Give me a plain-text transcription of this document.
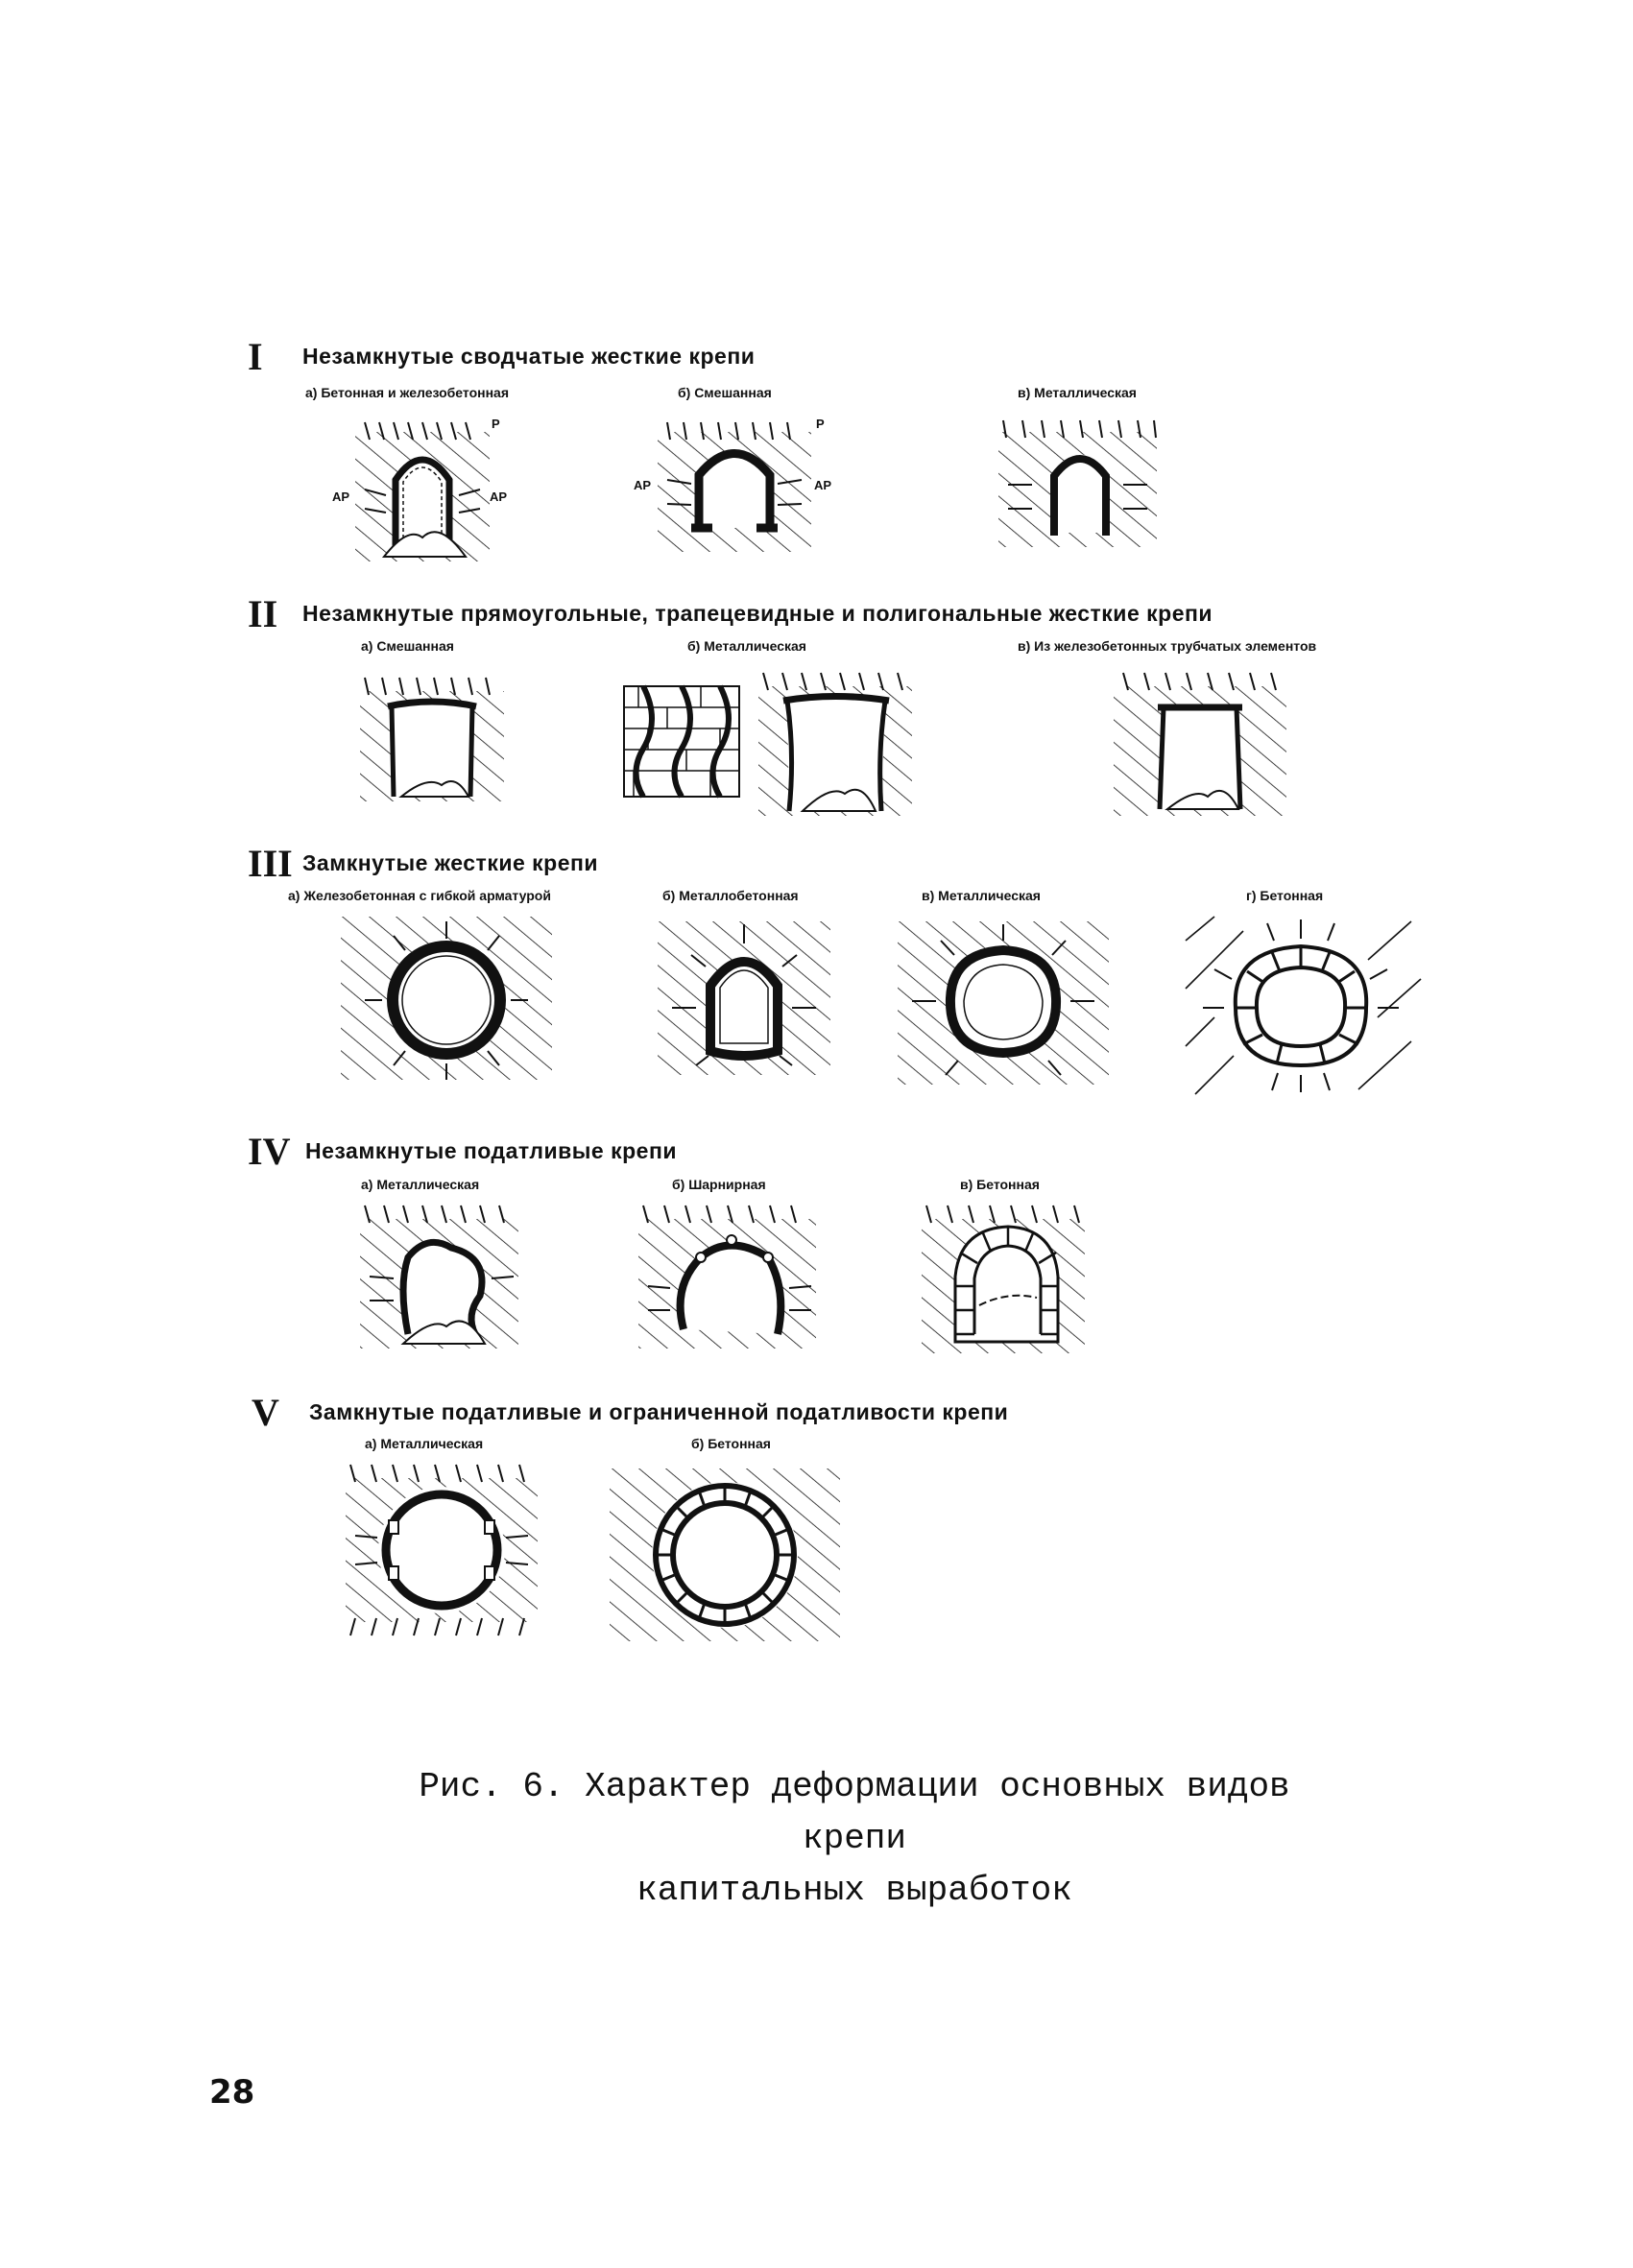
I Незамкнутые сводчатые жесткие крепи
а) Бетонная и железобетонная	б) Смешанная	в) Металлическая
P
AP	AP
P
AP	AP
II Незамкнутые прямоугольные, трапецевидные и полигональные жесткие крепи
а) Смешанная	б) Металлическая	в) Из железобетонных трубчатых элементов
III Замкнутые жесткие крепи
а) Железобетонная с гибкой арматурой	б) Металлобетонная	в) Металлическая	г) Бетонная
IV Незамкнутые податливые крепи
а) Металлическая	б) Шарнирная	в) Бетонная
V Замкнутые податливые и ограниченной податливости крепи
а) Металлическая	б) Бетонная
Рис. 6. Характер деформации основных видов крепи
капитальных выработок
28
